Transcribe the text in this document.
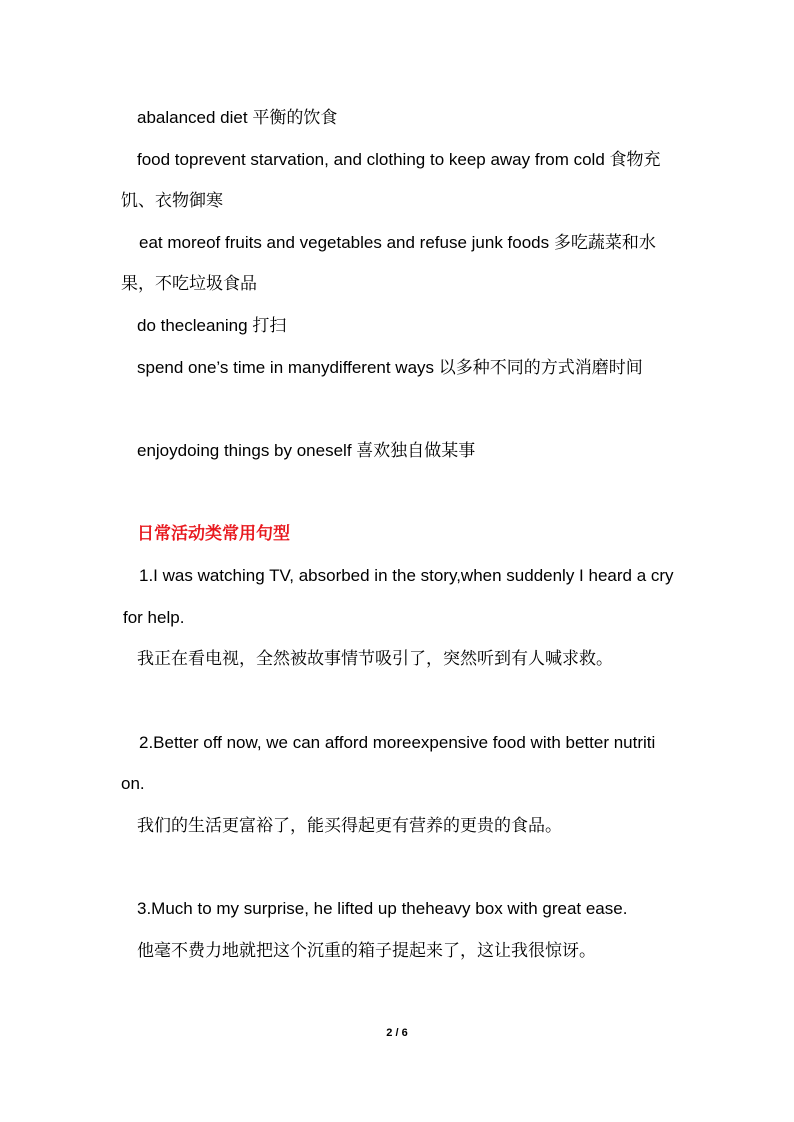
abalanced diet 平衡的饮食
food toprevent starvation, and clothing to keep away from cold 食物充
饥、衣物御寒
eat moreof fruits and vegetables and refuse junk foods 多吃蔬菜和水
果，不吃垃圾食品
do thecleaning 打扫
spend one’s time in manydifferent ways 以多种不同的方式消磨时间
enjoydoing things by oneself 喜欢独自做某事
日常活动类常用句型
1.I was watching TV, absorbed in the story,when suddenly I heard a cry
for help.
我正在看电视，全然被故事情节吸引了，突然听到有人喊求救。
2.Better off now, we can afford moreexpensive food with better nutriti
on.
我们的生活更富裕了，能买得起更有营养的更贵的食品。
3.Much to my surprise, he lifted up theheavy box with great ease.
他毫不费力地就把这个沉重的箱子提起来了，这让我很惊讶。
2 / 6
